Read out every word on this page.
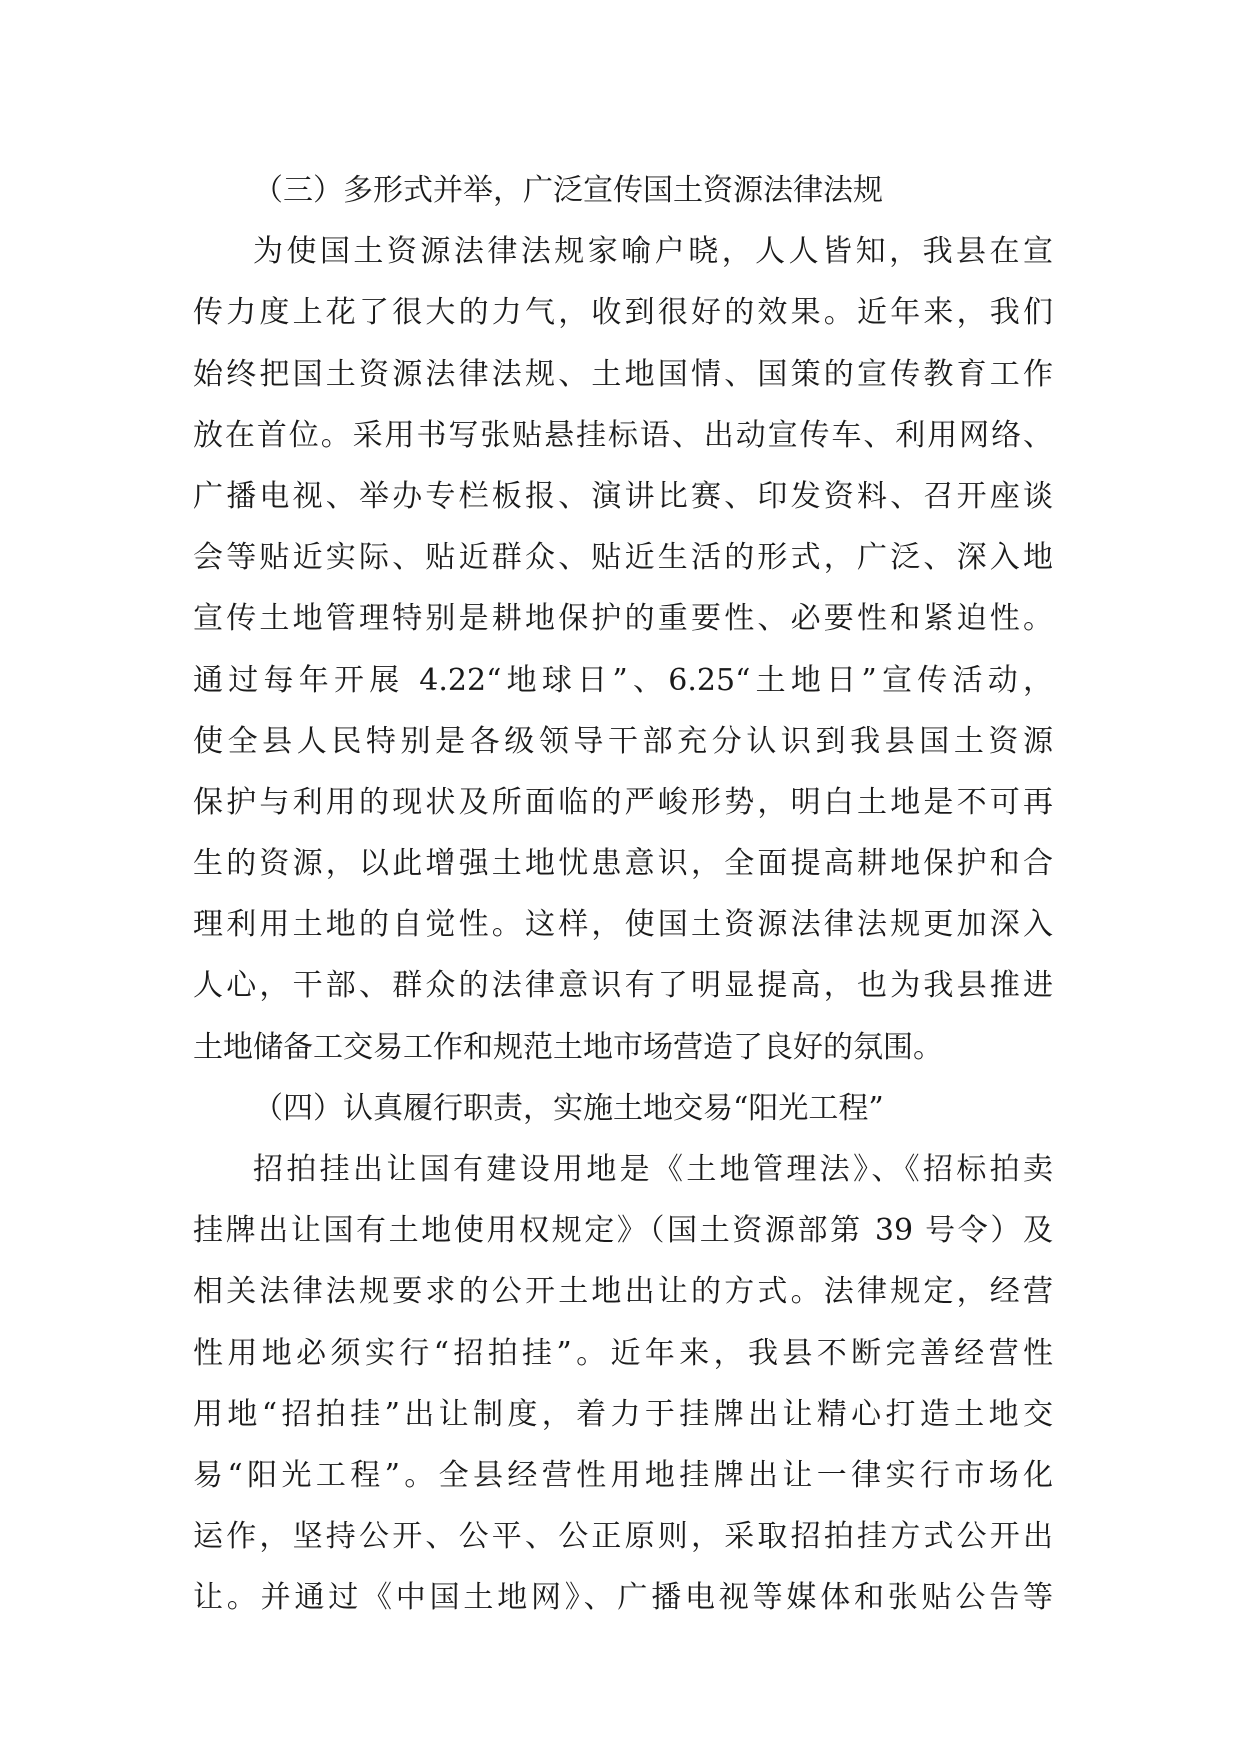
（三）多形式并举，广泛宣传国土资源法律法规
为使国土资源法律法规家喻户晓，人人皆知，我县在宣
传力度上花了很大的力气，收到很好的效果。近年来，我们
始终把国土资源法律法规、土地国情、国策的宣传教育工作
放在首位。采用书写张贴悬挂标语、出动宣传车、利用网络、
广播电视、举办专栏板报、演讲比赛、印发资料、召开座谈
会等贴近实际、贴近群众、贴近生活的形式，广泛、深入地
宣传土地管理特别是耕地保护的重要性、必要性和紧迫性。
通过每年开展 4.22“地球日”、6.25“土地日”宣传活动，
使全县人民特别是各级领导干部充分认识到我县国土资源
保护与利用的现状及所面临的严峻形势，明白土地是不可再
生的资源，以此增强土地忧患意识，全面提高耕地保护和合
理利用土地的自觉性。这样，使国土资源法律法规更加深入
人心，干部、群众的法律意识有了明显提高，也为我县推进
土地储备工交易工作和规范土地市场营造了良好的氛围。
（四）认真履行职责，实施土地交易“阳光工程”
招拍挂出让国有建设用地是《土地管理法》、《招标拍卖
挂牌出让国有土地使用权规定》（国土资源部第 39 号令）及
相关法律法规要求的公开土地出让的方式。法律规定，经营
性用地必须实行“招拍挂”。近年来，我县不断完善经营性
用地“招拍挂”出让制度，着力于挂牌出让精心打造土地交
易“阳光工程”。全县经营性用地挂牌出让一律实行市场化
运作，坚持公开、公平、公正原则，采取招拍挂方式公开出
让。并通过《中国土地网》、广播电视等媒体和张贴公告等
